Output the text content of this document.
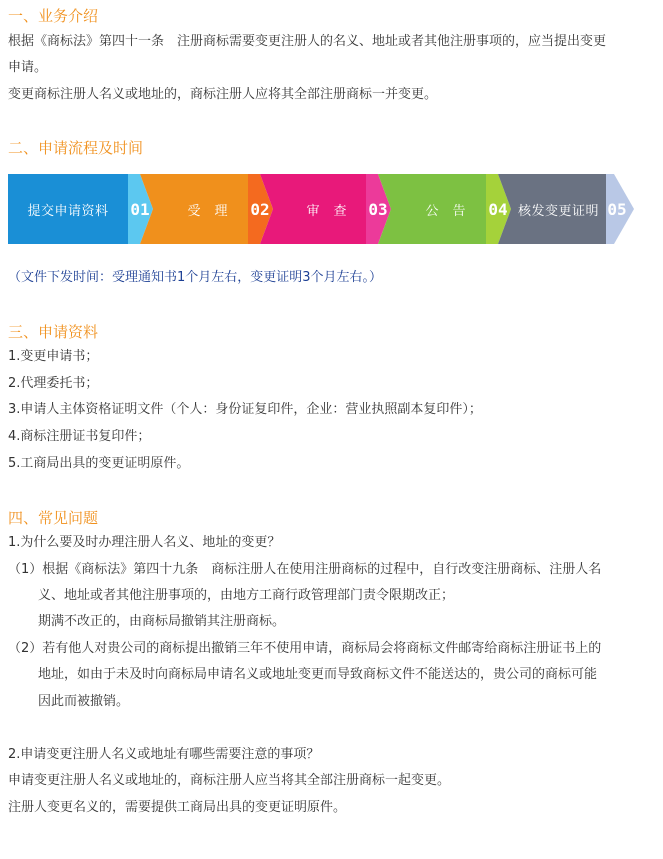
一、业务介绍

根据《商标法》第四十一条　注册商标需要变更注册人的名义、地址或者其他注册事项的，应当提出变更

申请。

变更商标注册人名义或地址的，商标注册人应将其全部注册商标一并变更。

二、申请流程及时间
提交申请资料	01	受理 02	审查 03	公告 04 核发变更证明 05

（文件下发时间：受理通知书1个月左右，变更证明3个月左右。）

三、申请资料

1.变更申请书；

2.代理委托书；

3.申请人主体资格证明文件（个人：身份证复印件，企业：营业执照副本复印件）；

4.商标注册证书复印件；

5.工商局出具的变更证明原件。

四、常见问题

1.为什么要及时办理注册人名义、地址的变更？

（1）根据《商标法》第四十九条　商标注册人在使用注册商标的过程中，自行改变注册商标、注册人名

义、地址或者其他注册事项的，由地方工商行政管理部门责令限期改正；

期满不改正的，由商标局撤销其注册商标。

（2）若有他人对贵公司的商标提出撤销三年不使用申请，商标局会将商标文件邮寄给商标注册证书上的

地址，如由于未及时向商标局申请名义或地址变更而导致商标文件不能送达的，贵公司的商标可能

因此而被撤销。

2.申请变更注册人名义或地址有哪些需要注意的事项？

申请变更注册人名义或地址的，商标注册人应当将其全部注册商标一起变更。

注册人变更名义的，需要提供工商局出具的变更证明原件。
